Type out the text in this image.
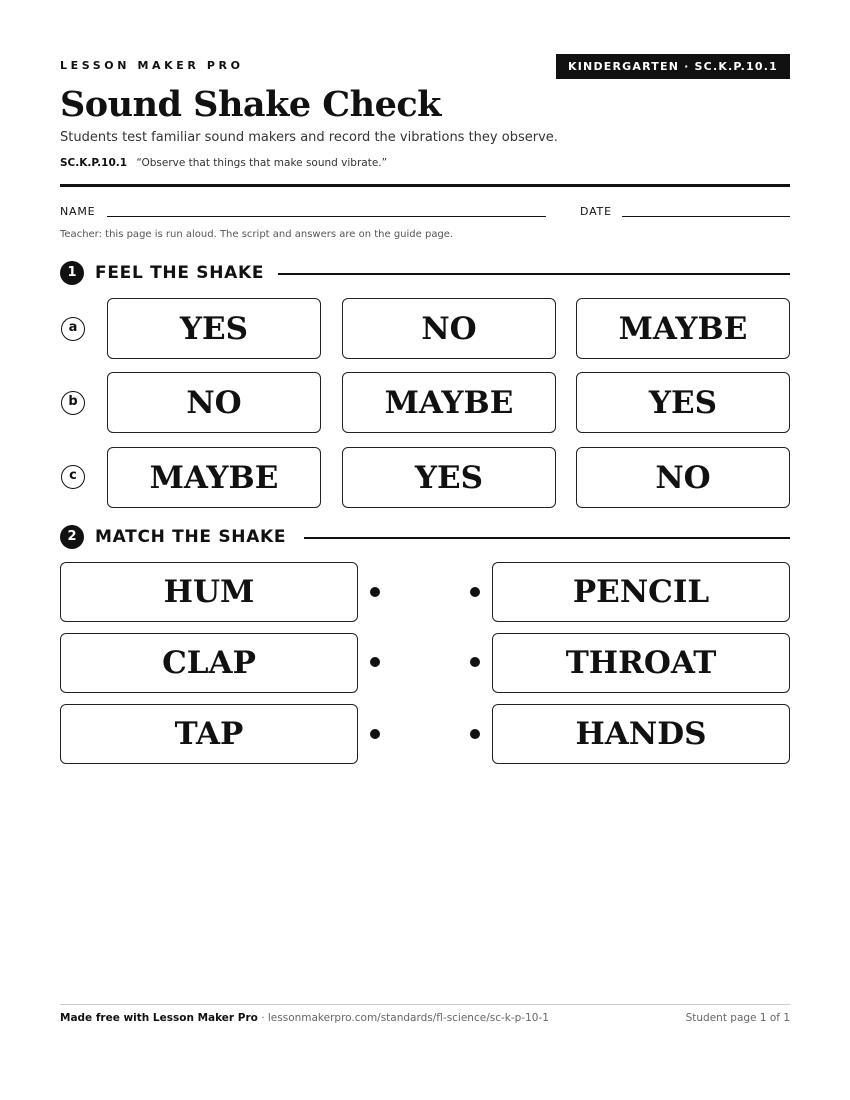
LESSON MAKER PRO	KINDERGARTEN · SC.K.P.10.1
Sound Shake Check
Students test familiar sound makers and record the vibrations they observe.
SC.K.P.10.1 “Observe that things that make sound vibrate.”
NAME	DATE
Teacher: this page is run aloud. The script and answers are on the guide page.
1	FEEL THE SHAKE
a	YES	NO	MAYBE
b	NO	MAYBE	YES
c	MAYBE	YES	NO
2	MATCH THE SHAKE
HUM	PENCIL
CLAP	THROAT
TAP	HANDS
Made free with Lesson Maker Pro · lessonmakerpro.com/standards/fl-science/sc-k-p-10-1	Student page 1 of 1
